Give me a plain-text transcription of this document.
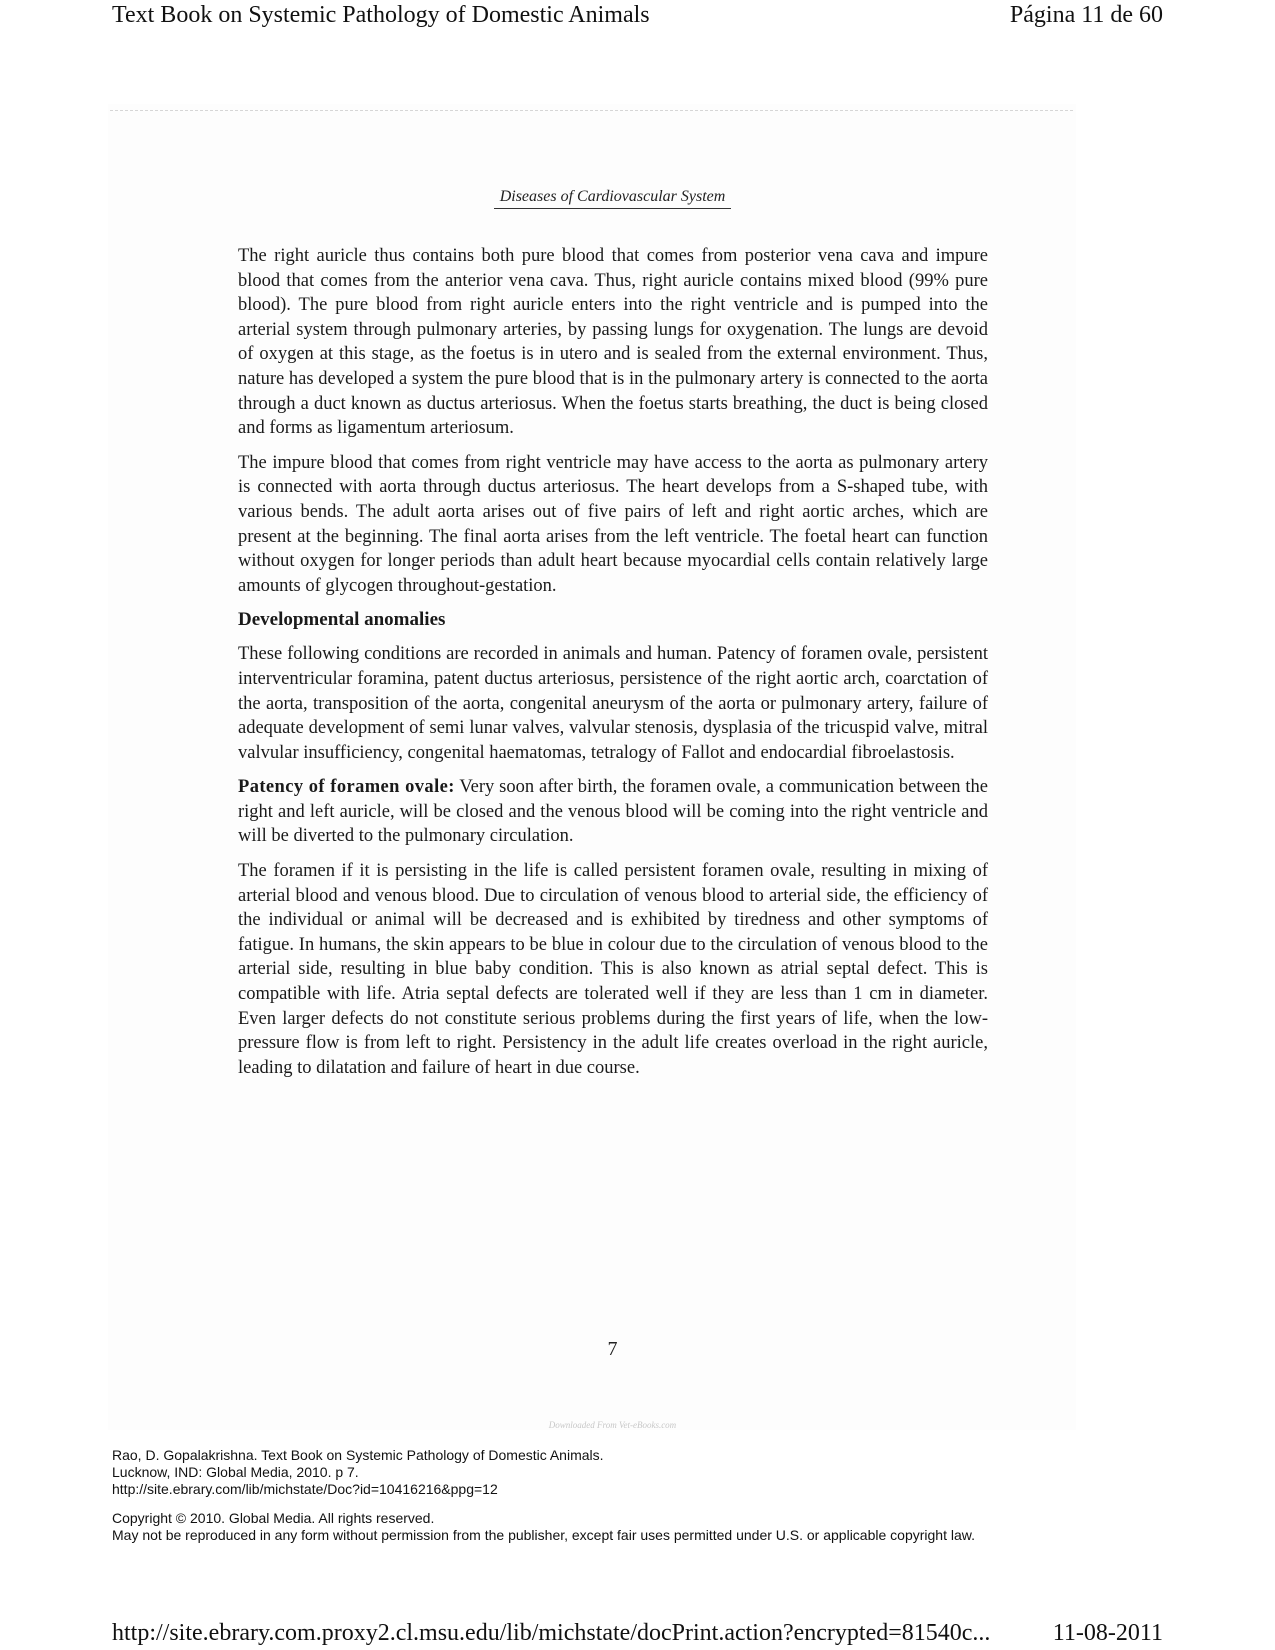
Text Book on Systemic Pathology of Domestic Animals	Página 11 de 60
Diseases of Cardiovascular System

The right auricle thus contains both pure blood that comes from posterior vena cava and impure blood that comes from the anterior vena cava. Thus, right auricle contains mixed blood (99% pure blood). The pure blood from right auricle enters into the right ventricle and is pumped into the arterial system through pulmonary arteries, by passing lungs for oxygenation. The lungs are devoid of oxygen at this stage, as the foetus is in utero and is sealed from the external environment. Thus, nature has developed a system the pure blood that is in the pulmonary artery is connected to the aorta through a duct known as ductus arteriosus. When the foetus starts breathing, the duct is being closed and forms as ligamentum arteriosum.

The impure blood that comes from right ventricle may have access to the aorta as pulmonary artery is connected with aorta through ductus arteriosus. The heart develops from a S-shaped tube, with various bends. The adult aorta arises out of five pairs of left and right aortic arches, which are present at the beginning. The final aorta arises from the left ventricle. The foetal heart can function without oxygen for longer periods than adult heart because myocardial cells contain relatively large amounts of glycogen throughout-gestation.

Developmental anomalies

These following conditions are recorded in animals and human. Patency of foramen ovale, persistent interventricular foramina, patent ductus arteriosus, persistence of the right aortic arch, coarctation of the aorta, transposition of the aorta, congenital aneurysm of the aorta or pulmonary artery, failure of adequate development of semi lunar valves, valvular stenosis, dysplasia of the tricuspid valve, mitral valvular insufficiency, congenital haematomas, tetralogy of Fallot and endocardial fibroelastosis.

Patency of foramen ovale: Very soon after birth, the foramen ovale, a communication between the right and left auricle, will be closed and the venous blood will be coming into the right ventricle and will be diverted to the pulmonary circulation.

The foramen if it is persisting in the life is called persistent foramen ovale, resulting in mixing of arterial blood and venous blood. Due to circulation of venous blood to arterial side, the efficiency of the individual or animal will be decreased and is exhibited by tiredness and other symptoms of fatigue. In humans, the skin appears to be blue in colour due to the circulation of venous blood to the arterial side, resulting in blue baby condition. This is also known as atrial septal defect. This is compatible with life. Atria septal defects are tolerated well if they are less than 1 cm in diameter. Even larger defects do not constitute serious problems during the first years of life, when the low-pressure flow is from left to right. Persistency in the adult life creates overload in the right auricle, leading to dilatation and failure of heart in due course.

7
Downloaded From Vet-eBooks.com
Rao, D. Gopalakrishna. Text Book on Systemic Pathology of Domestic Animals.
Lucknow, IND: Global Media, 2010. p 7.
http://site.ebrary.com/lib/michstate/Doc?id=10416216&ppg=12
Copyright © 2010. Global Media. All rights reserved.
May not be reproduced in any form without permission from the publisher, except fair uses permitted under U.S. or applicable copyright law.
http://site.ebrary.com.proxy2.cl.msu.edu/lib/michstate/docPrint.action?encrypted=81540c...	11-08-2011
